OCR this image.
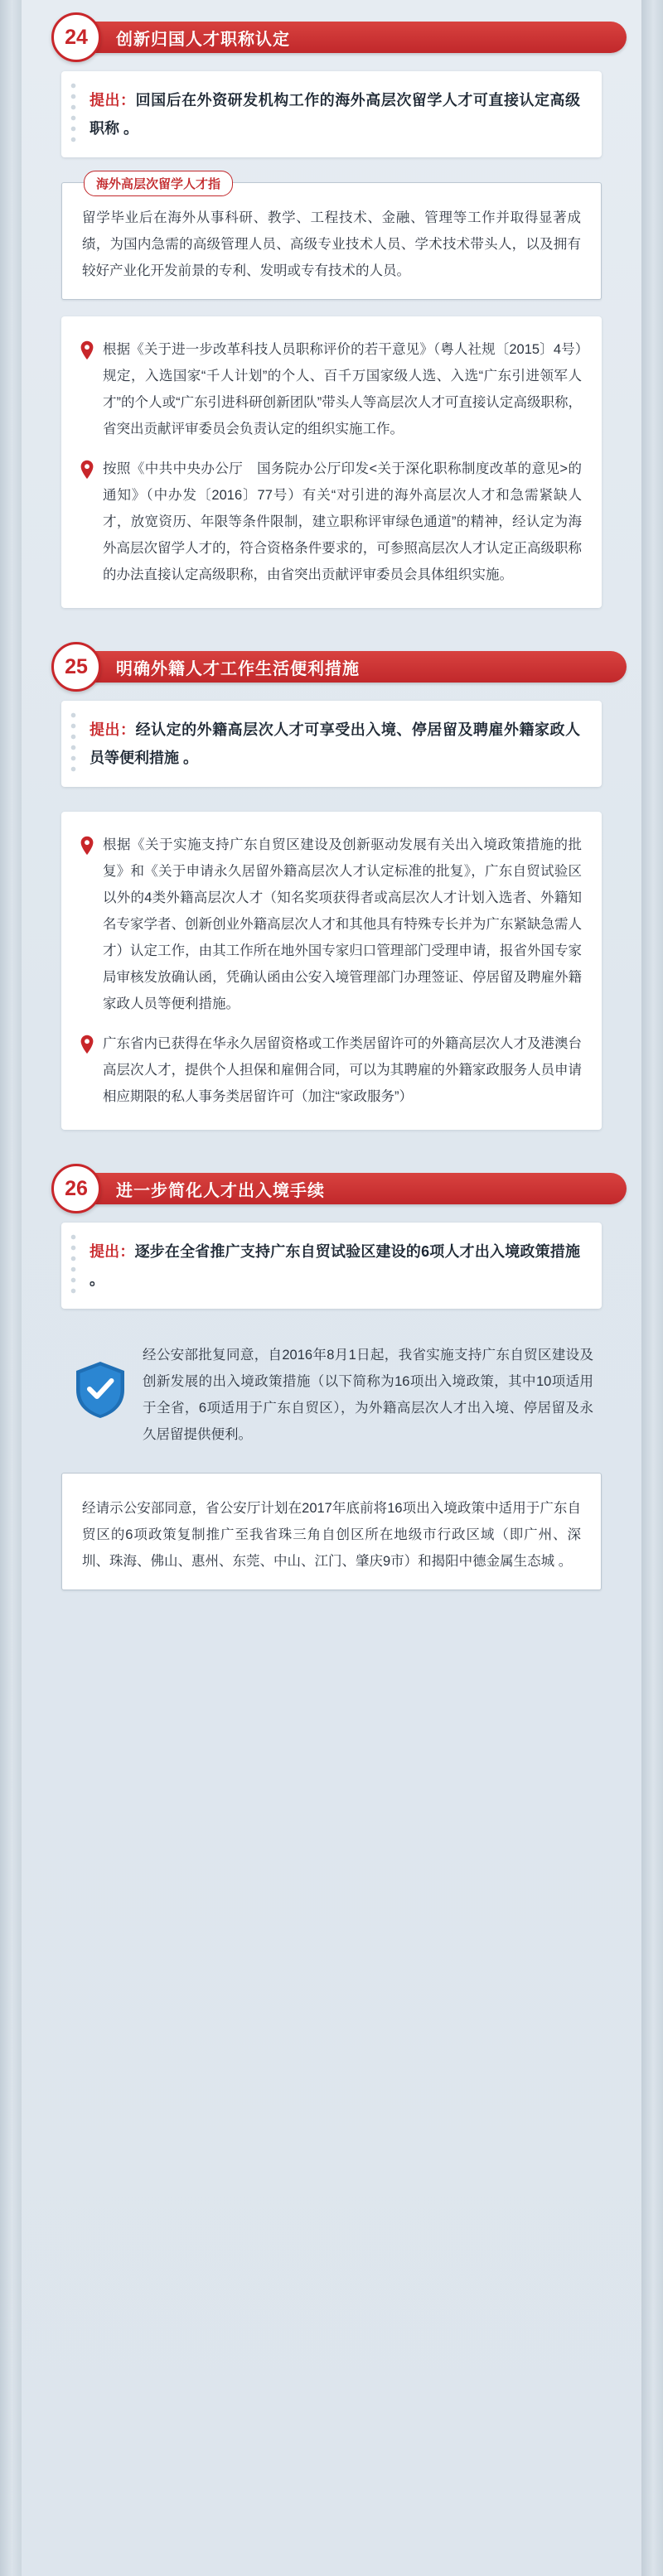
24	创新归国人才职称认定

提出：回国后在外资研发机构工作的海外高层次留学人才可直接认定高级职称 。

海外高层次留学人才指

留学毕业后在海外从事科研、教学、工程技术、金融、管理等工作并取得显著成绩，为国内急需的高级管理人员、高级专业技术人员、学术技术带头人，以及拥有较好产业化开发前景的专利、发明或专有技术的人员。

根据《关于进一步改革科技人员职称评价的若干意见》（粤人社规〔2015〕4号）规定，入选国家“千人计划”的个人、百千万国家级人选、入选“广东引进领军人才”的个人或“广东引进科研创新团队”带头人等高层次人才可直接认定高级职称，省突出贡献评审委员会负责认定的组织实施工作。

按照《中共中央办公厅　国务院办公厅印发<关于深化职称制度改革的意见>的通知》（中办发〔2016〕77号）有关“对引进的海外高层次人才和急需紧缺人才，放宽资历、年限等条件限制，建立职称评审绿色通道”的精神，经认定为海外高层次留学人才的，符合资格条件要求的，可参照高层次人才认定正高级职称的办法直接认定高级职称，由省突出贡献评审委员会具体组织实施。

25	明确外籍人才工作生活便利措施

提出：经认定的外籍高层次人才可享受出入境、停居留及聘雇外籍家政人员等便利措施 。

根据《关于实施支持广东自贸区建设及创新驱动发展有关出入境政策措施的批复》和《关于申请永久居留外籍高层次人才认定标准的批复》，广东自贸试验区以外的4类外籍高层次人才（知名奖项获得者或高层次人才计划入选者、外籍知名专家学者、创新创业外籍高层次人才和其他具有特殊专长并为广东紧缺急需人才）认定工作，由其工作所在地外国专家归口管理部门受理申请，报省外国专家局审核发放确认函，凭确认函由公安入境管理部门办理签证、停居留及聘雇外籍家政人员等便利措施。

广东省内已获得在华永久居留资格或工作类居留许可的外籍高层次人才及港澳台高层次人才，提供个人担保和雇佣合同，可以为其聘雇的外籍家政服务人员申请相应期限的私人事务类居留许可（加注“家政服务”）

26	进一步简化人才出入境手续

提出：逐步在全省推广支持广东自贸试验区建设的6项人才出入境政策措施 。

经公安部批复同意，自2016年8月1日起，我省实施支持广东自贸区建设及创新发展的出入境政策措施（以下简称为16项出入境政策，其中10项适用于全省，6项适用于广东自贸区），为外籍高层次人才出入境、停居留及永久居留提供便利。

经请示公安部同意，省公安厅计划在2017年底前将16项出入境政策中适用于广东自贸区的6项政策复制推广至我省珠三角自创区所在地级市行政区域（即广州、深圳、珠海、佛山、惠州、东莞、中山、江门、肇庆9市）和揭阳中德金属生态城 。
